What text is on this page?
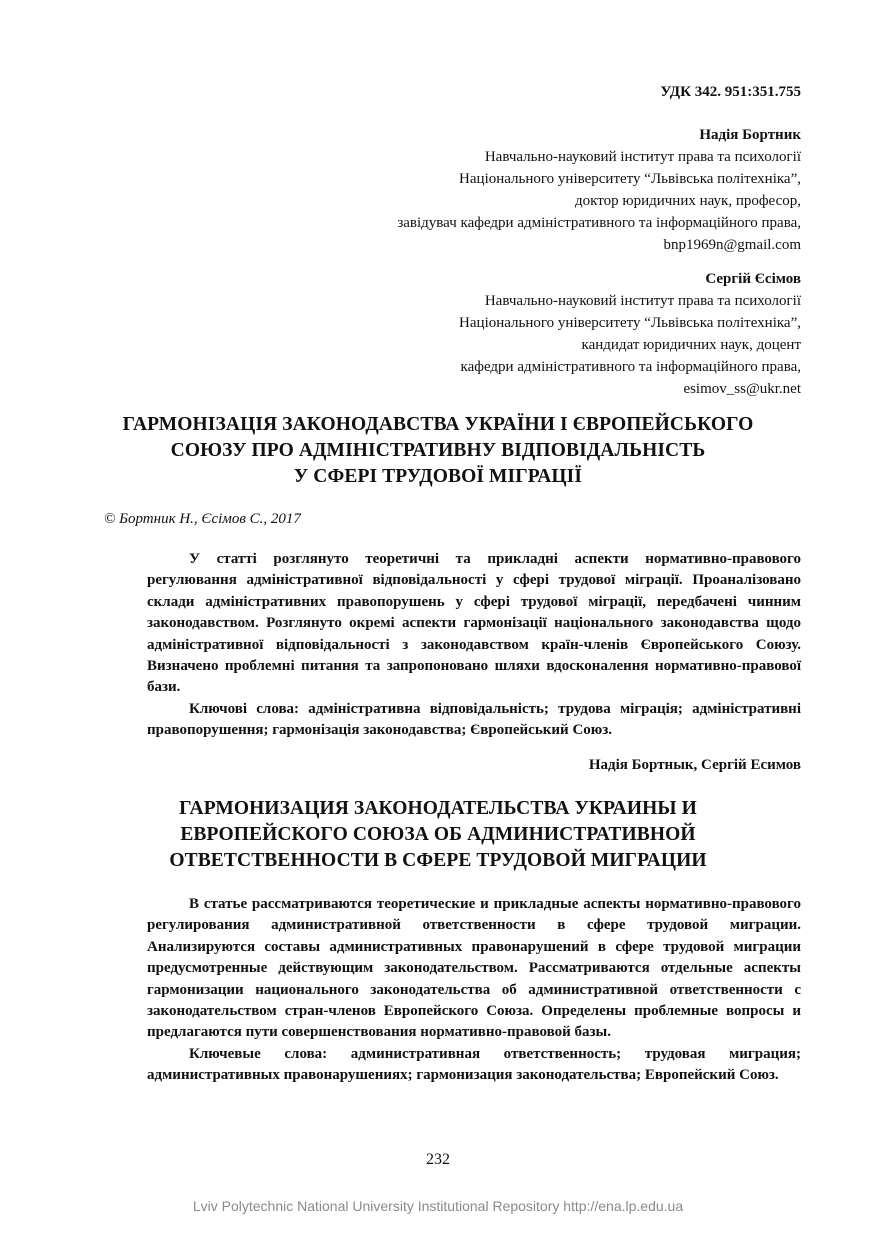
УДК 342. 951:351.755
Надія Бортник
Навчально-науковий інститут права та психології
Національного університету “Львівська політехніка”,
доктор юридичних наук, професор,
завідувач кафедри адміністративного та інформаційного права,
bnp1969n@gmail.com
Сергій Єсімов
Навчально-науковий інститут права та психології
Національного університету “Львівська політехніка”,
кандидат юридичних наук, доцент
кафедри адміністративного та інформаційного права,
esimov_ss@ukr.net
ГАРМОНІЗАЦІЯ ЗАКОНОДАВСТВА УКРАЇНИ І ЄВРОПЕЙСЬКОГО
СОЮЗУ ПРО АДМІНІСТРАТИВНУ ВІДПОВІДАЛЬНІСТЬ
У СФЕРІ ТРУДОВОЇ МІГРАЦІЇ
© Бортник Н., Єсімов С., 2017

У статті розглянуто теоретичні та прикладні аспекти нормативно-правового регулювання адміністративної відповідальності у сфері трудової міграції. Проаналізовано склади адміністративних правопорушень у сфері трудової міграції, передбачені чинним законодавством. Розглянуто окремі аспекти гармонізації національного законодавства щодо адміністративної відповідальності з законодавством країн-членів Європейського Союзу. Визначено проблемні питання та запропоновано шляхи вдосконалення нормативно-правової бази.

Ключові слова: адміністративна відповідальність; трудова міграція; адміністративні правопорушення; гармонізація законодавства; Європейський Союз.

Надія Бортнык, Сергій Есимов
ГАРМОНИЗАЦИЯ ЗАКОНОДАТЕЛЬСТВА УКРАИНЫ И
ЕВРОПЕЙСКОГО СОЮЗА ОБ АДМИНИСТРАТИВНОЙ
ОТВЕТСТВЕННОСТИ В СФЕРЕ ТРУДОВОЙ МИГРАЦИИ

В статье рассматриваются теоретические и прикладные аспекты нормативно-правового регулирования административной ответственности в сфере трудовой миграции. Анализируются составы административных правонарушений в сфере трудовой миграции предусмотренные действующим законодательством. Рассматриваются отдельные аспекты гармонизации национального законодательства об административной ответственности с законодательством стран-членов Европейского Союза. Определены проблемные вопросы и предлагаются пути совершенствования нормативно-правовой базы.

Ключевые слова: административная ответственность; трудовая миграция; административных правонарушениях; гармонизация законодательства; Европейский Союз.

232
Lviv Polytechnic National University Institutional Repository http://ena.lp.edu.ua
